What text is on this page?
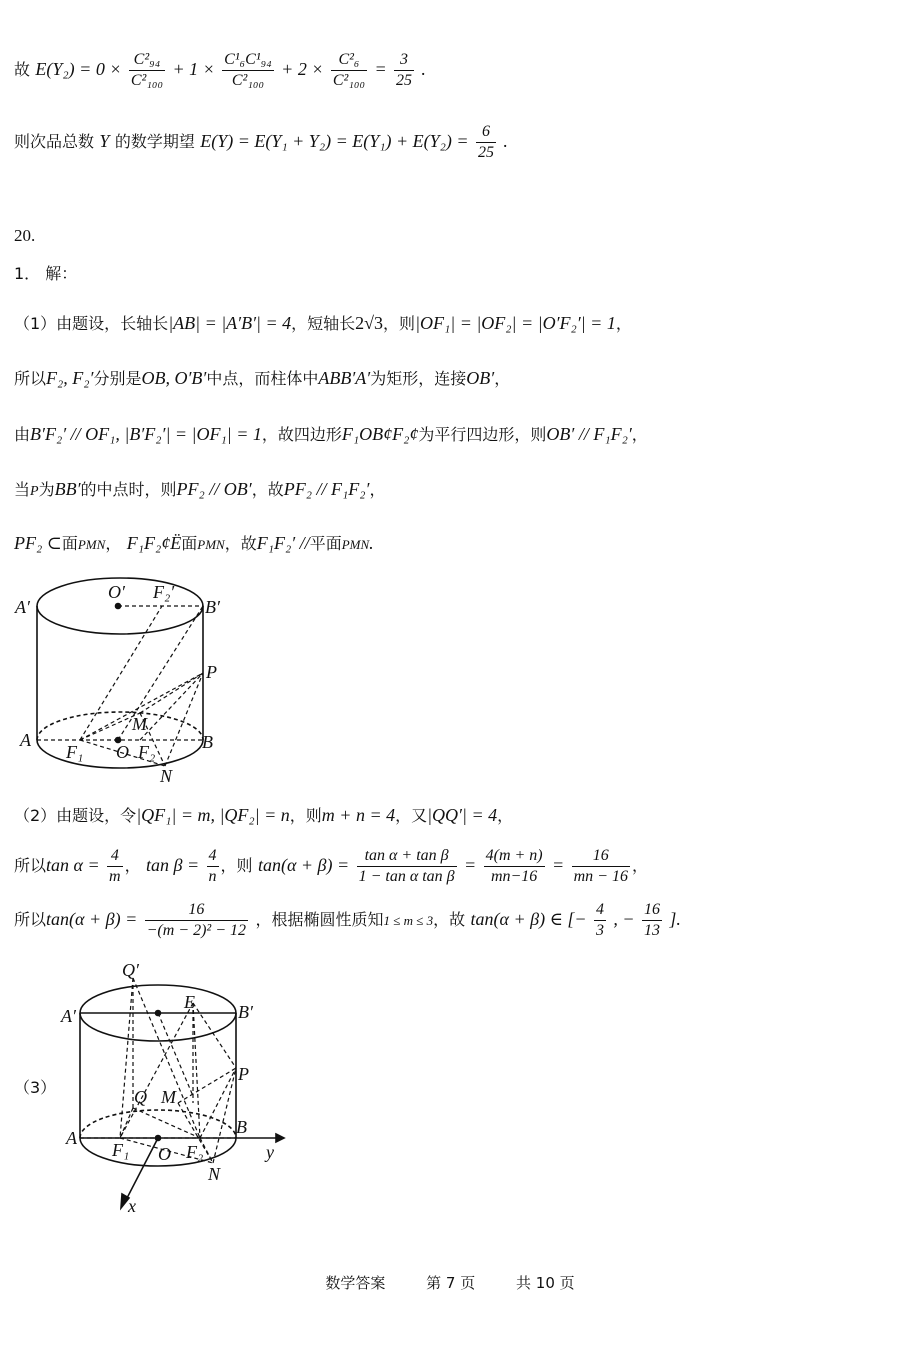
故 $E(Y_2) = 0 \times \frac{\text{C²₉₄}}{\text{C²₁₀₀}} + 1 \times \frac{\text{C¹₆C¹₉₄}}{\text{C²₁₀₀}} + 2 \times \frac{\text{C²₆}}{\text{C²₁₀₀}} = \frac{3}{25}$ .
则次品总数 Y 的数学期望 $E(Y) = E(Y_1 + Y_2) = E(Y_1) + E(Y_2) = \frac{6}{25}$ .
20.
1． 解：
（1）由题设，长轴长|AB| = |A′B′| = 4，短轴长2√3，则|OF₁| = |OF₂| = |O′F₂′| = 1，
所以F₂, F₂′分别是OB, O′B′中点，而柱体中ABB′A′为矩形，连接OB′，
由B′F₂′ // OF₁, |B′F₂′| = |OF₁| = 1，故四边形F₁OB¢F₂¢为平行四边形，则OB′ // F₁F₂′，
当P为BB′的中点时，则PF₂ // OB′，故PF₂ // F₁F₂′，
PF₂ ⊂面PMN， F₁F₂¢Ë面PMN，故F₁F₂′ //平面PMN.
A′
O′ F₂′
B′
P
M
A
F₁ O F₂	B
N
（2）由题设，令|QF₁| = m, |QF₂| = n，则m + n = 4，又|QQ′| = 4，
所以$\tan \alpha = \frac{4}{m}$ ， $\tan \beta = \frac{4}{n}$ ，则 $\tan(\alpha + \beta) = \frac{\text{tan α + tan β}}{\text{1 − tan α tan β}} = \frac{4(m + n)}{mn-16} = \frac{16}{mn - 16}$ ，
所以$\tan(\alpha + \beta) = \frac{16}{\text{−(m − 2)² − 12}}$ ，根据椭圆性质知1 ≤ m ≤ 3，故 tan(α + β) ∈ [− $\frac{4}{3}$ , − $\frac{16}{13}$ ].
（3）
Q′
A′
E B′
P
Q M
A
B
y
F₁ O F₂
N
x
数学答案	第 7 页	共 10 页
